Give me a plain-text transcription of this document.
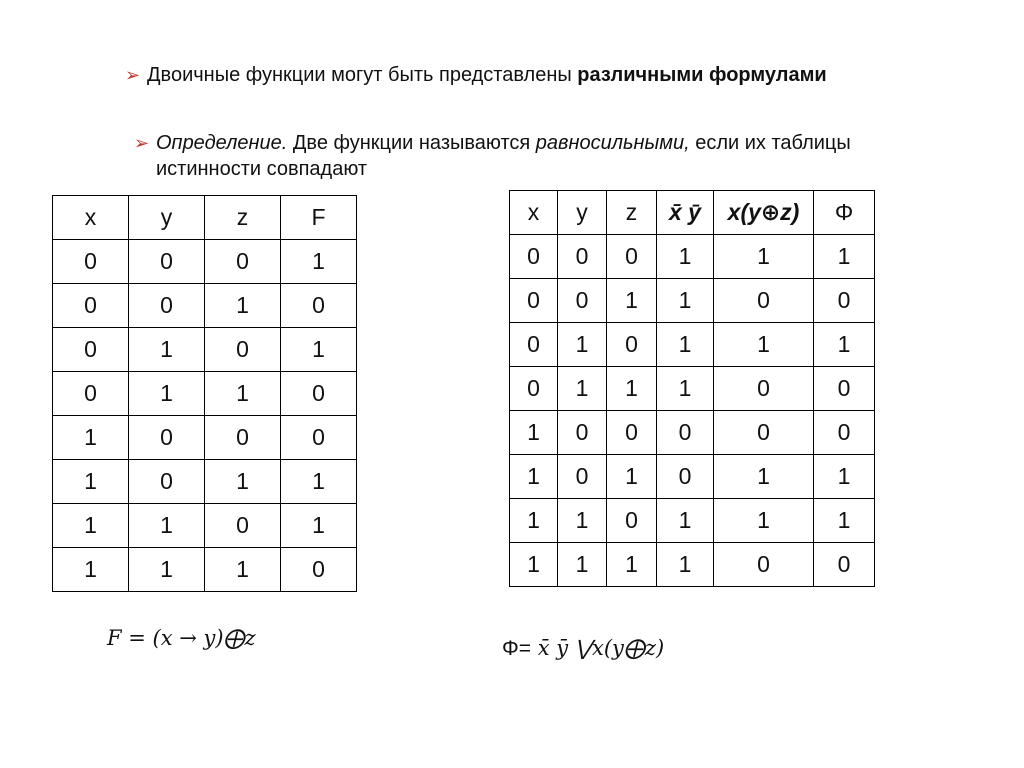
➢ Двоичные функции могут быть представлены различными формулами
➢ Определение. Две функции называются равносильными, если их таблицы истинности совпадают
x	y	z	F
0	0	0	1
0	0	1	0
0	1	0	1
0	1	1	0
1	0	0	0
1	0	1	1
1	1	0	1
1	1	1	0
x	y	z	x̄ ȳ	x(y⊕z)	Φ
0	0	0	1	1	1
0	0	1	1	0	0
0	1	0	1	1	1
0	1	1	1	0	0
1	0	0	0	0	0
1	0	1	0	1	1
1	1	0	1	1	1
1	1	1	1	0	0
F = (x → y)⨁z	Φ= x̄ ȳ ⋁x(y⨁z)
